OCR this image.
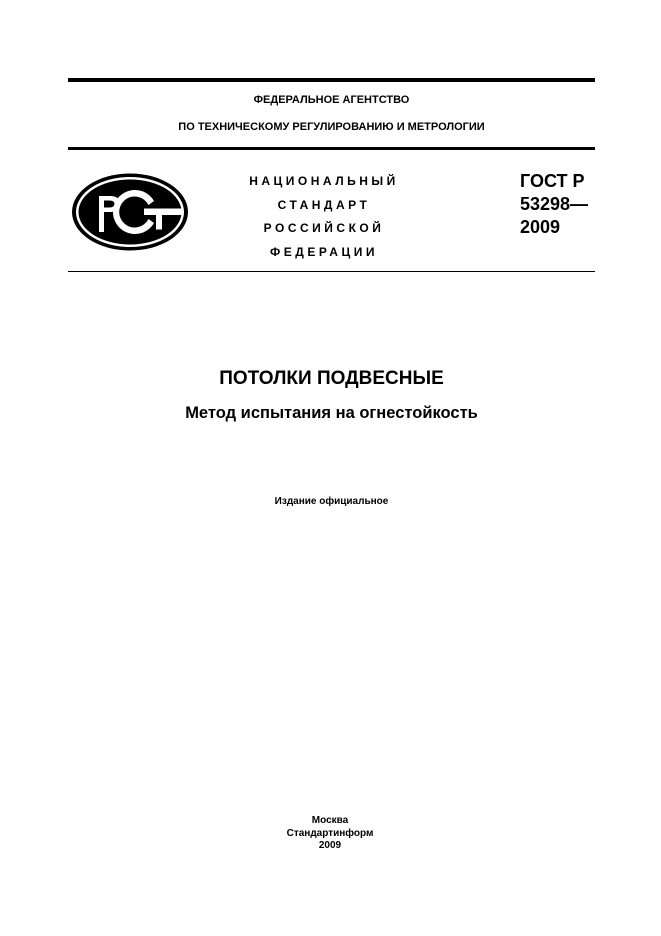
ФЕДЕРАЛЬНОЕ АГЕНТСТВО
ПО ТЕХНИЧЕСКОМУ РЕГУЛИРОВАНИЮ И МЕТРОЛОГИИ
НАЦИОНАЛЬНЫЙ
СТАНДАРТ
РОССИЙСКОЙ
ФЕДЕРАЦИИ
ГОСТ Р
53298—
2009
ПОТОЛКИ ПОДВЕСНЫЕ
Метод испытания на огнестойкость
Издание официальное
Москва
Стандартинформ
2009
